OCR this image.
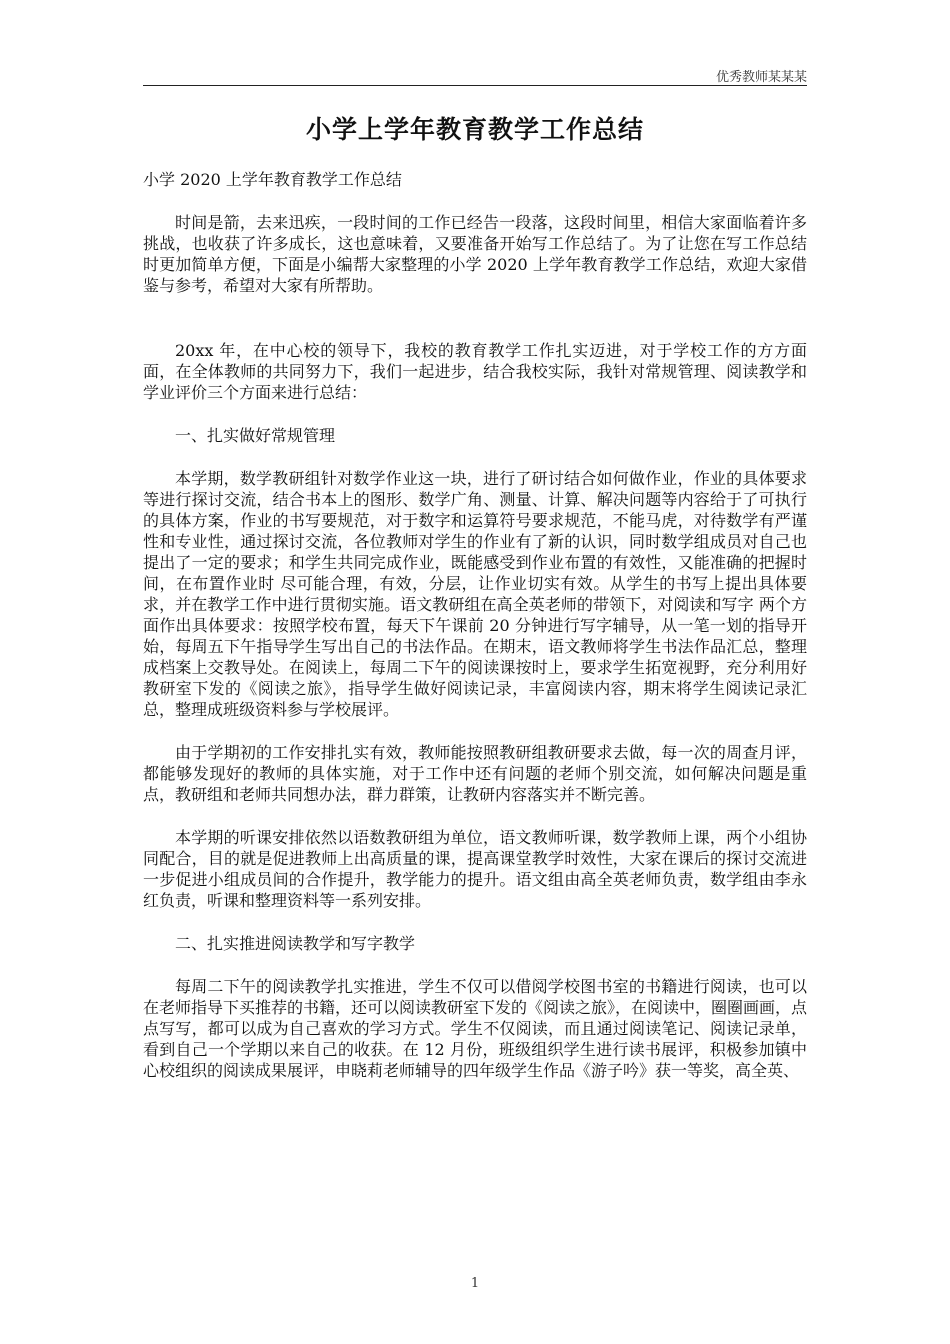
优秀教师某某某
小学上学年教育教学工作总结
小学 2020 上学年教育教学工作总结
时间是箭，去来迅疾，一段时间的工作已经告一段落，这段时间里，相信大家面临着许多挑战，也收获了许多成长，这也意味着，又要准备开始写工作总结了。为了让您在写工作总结时更加简单方便，下面是小编帮大家整理的小学 2020 上学年教育教学工作总结，欢迎大家借鉴与参考，希望对大家有所帮助。
20xx 年，在中心校的领导下，我校的教育教学工作扎实迈进，对于学校工作的方方面面，在全体教师的共同努力下，我们一起进步，结合我校实际，我针对常规管理、阅读教学和学业评价三个方面来进行总结：
一、扎实做好常规管理
本学期，数学教研组针对数学作业这一块，进行了研讨结合如何做作业，作业的具体要求等进行探讨交流，结合书本上的图形、数学广角、测量、计算、解决问题等内容给于了可执行的具体方案，作业的书写要规范，对于数字和运算符号要求规范，不能马虎，对待数学有严谨性和专业性，通过探讨交流，各位教师对学生的作业有了新的认识，同时数学组成员对自己也提出了一定的要求；和学生共同完成作业，既能感受到作业布置的有效性，又能准确的把握时间，在布置作业时 尽可能合理，有效，分层，让作业切实有效。从学生的书写上提出具体要求，并在教学工作中进行贯彻实施。语文教研组在高全英老师的带领下，对阅读和写字 两个方面作出具体要求：按照学校布置，每天下午课前 20 分钟进行写字辅导，从一笔一划的指导开始，每周五下午指导学生写出自己的书法作品。在期末，语文教师将学生书法作品汇总，整理成档案上交教导处。在阅读上，每周二下午的阅读课按时上，要求学生拓宽视野，充分利用好教研室下发的《阅读之旅》，指导学生做好阅读记录，丰富阅读内容，期末将学生阅读记录汇总，整理成班级资料参与学校展评。
由于学期初的工作安排扎实有效，教师能按照教研组教研要求去做，每一次的周查月评，都能够发现好的教师的具体实施，对于工作中还有问题的老师个别交流，如何解决问题是重点，教研组和老师共同想办法，群力群策，让教研内容落实并不断完善。
本学期的听课安排依然以语数教研组为单位，语文教师听课，数学教师上课，两个小组协同配合，目的就是促进教师上出高质量的课，提高课堂教学时效性，大家在课后的探讨交流进一步促进小组成员间的合作提升，教学能力的提升。语文组由高全英老师负责，数学组由李永红负责，听课和整理资料等一系列安排。
二、扎实推进阅读教学和写字教学
每周二下午的阅读教学扎实推进，学生不仅可以借阅学校图书室的书籍进行阅读，也可以在老师指导下买推荐的书籍，还可以阅读教研室下发的《阅读之旅》，在阅读中，圈圈画画，点点写写，都可以成为自己喜欢的学习方式。学生不仅阅读，而且通过阅读笔记、阅读记录单，看到自己一个学期以来自己的收获。在 12 月份，班级组织学生进行读书展评，积极参加镇中心校组织的阅读成果展评，申晓莉老师辅导的四年级学生作品《游子吟》获一等奖，高全英、
1
